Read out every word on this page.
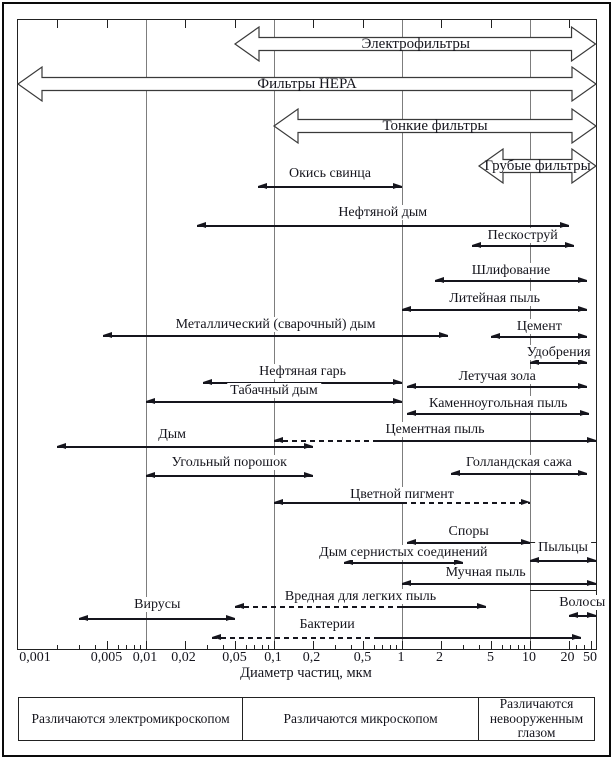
Окись свинца
Нефтяной дым
Пескоструй
Шлифование
Литейная пыль
Металлический (сварочный) дым	Цемент
Удобрения
Нефтяная гарь	Летучая зола
Табачный дым
Каменноугольная пыль
Цементная пыль
Дым
Угольный порошок	Голландская сажа
Цветной пигмент
Споры
Дым сернистых соединений	Пыльцы
Мучная пыль
Вредная для легких пыль
Вирусы	Волосы
Бактерии
Электрофильтры
Фильтры HEPA
Тонкие фильтры
Грубые фильтры
0,001	0,005 0,01 0,02 0,05 0,1 0,2 0,5 1 2	5 10 20 50
Диаметр частиц, мкм
Различаются электромикроскопом	Различаются микроскопом
Различаются невооруженным глазом
